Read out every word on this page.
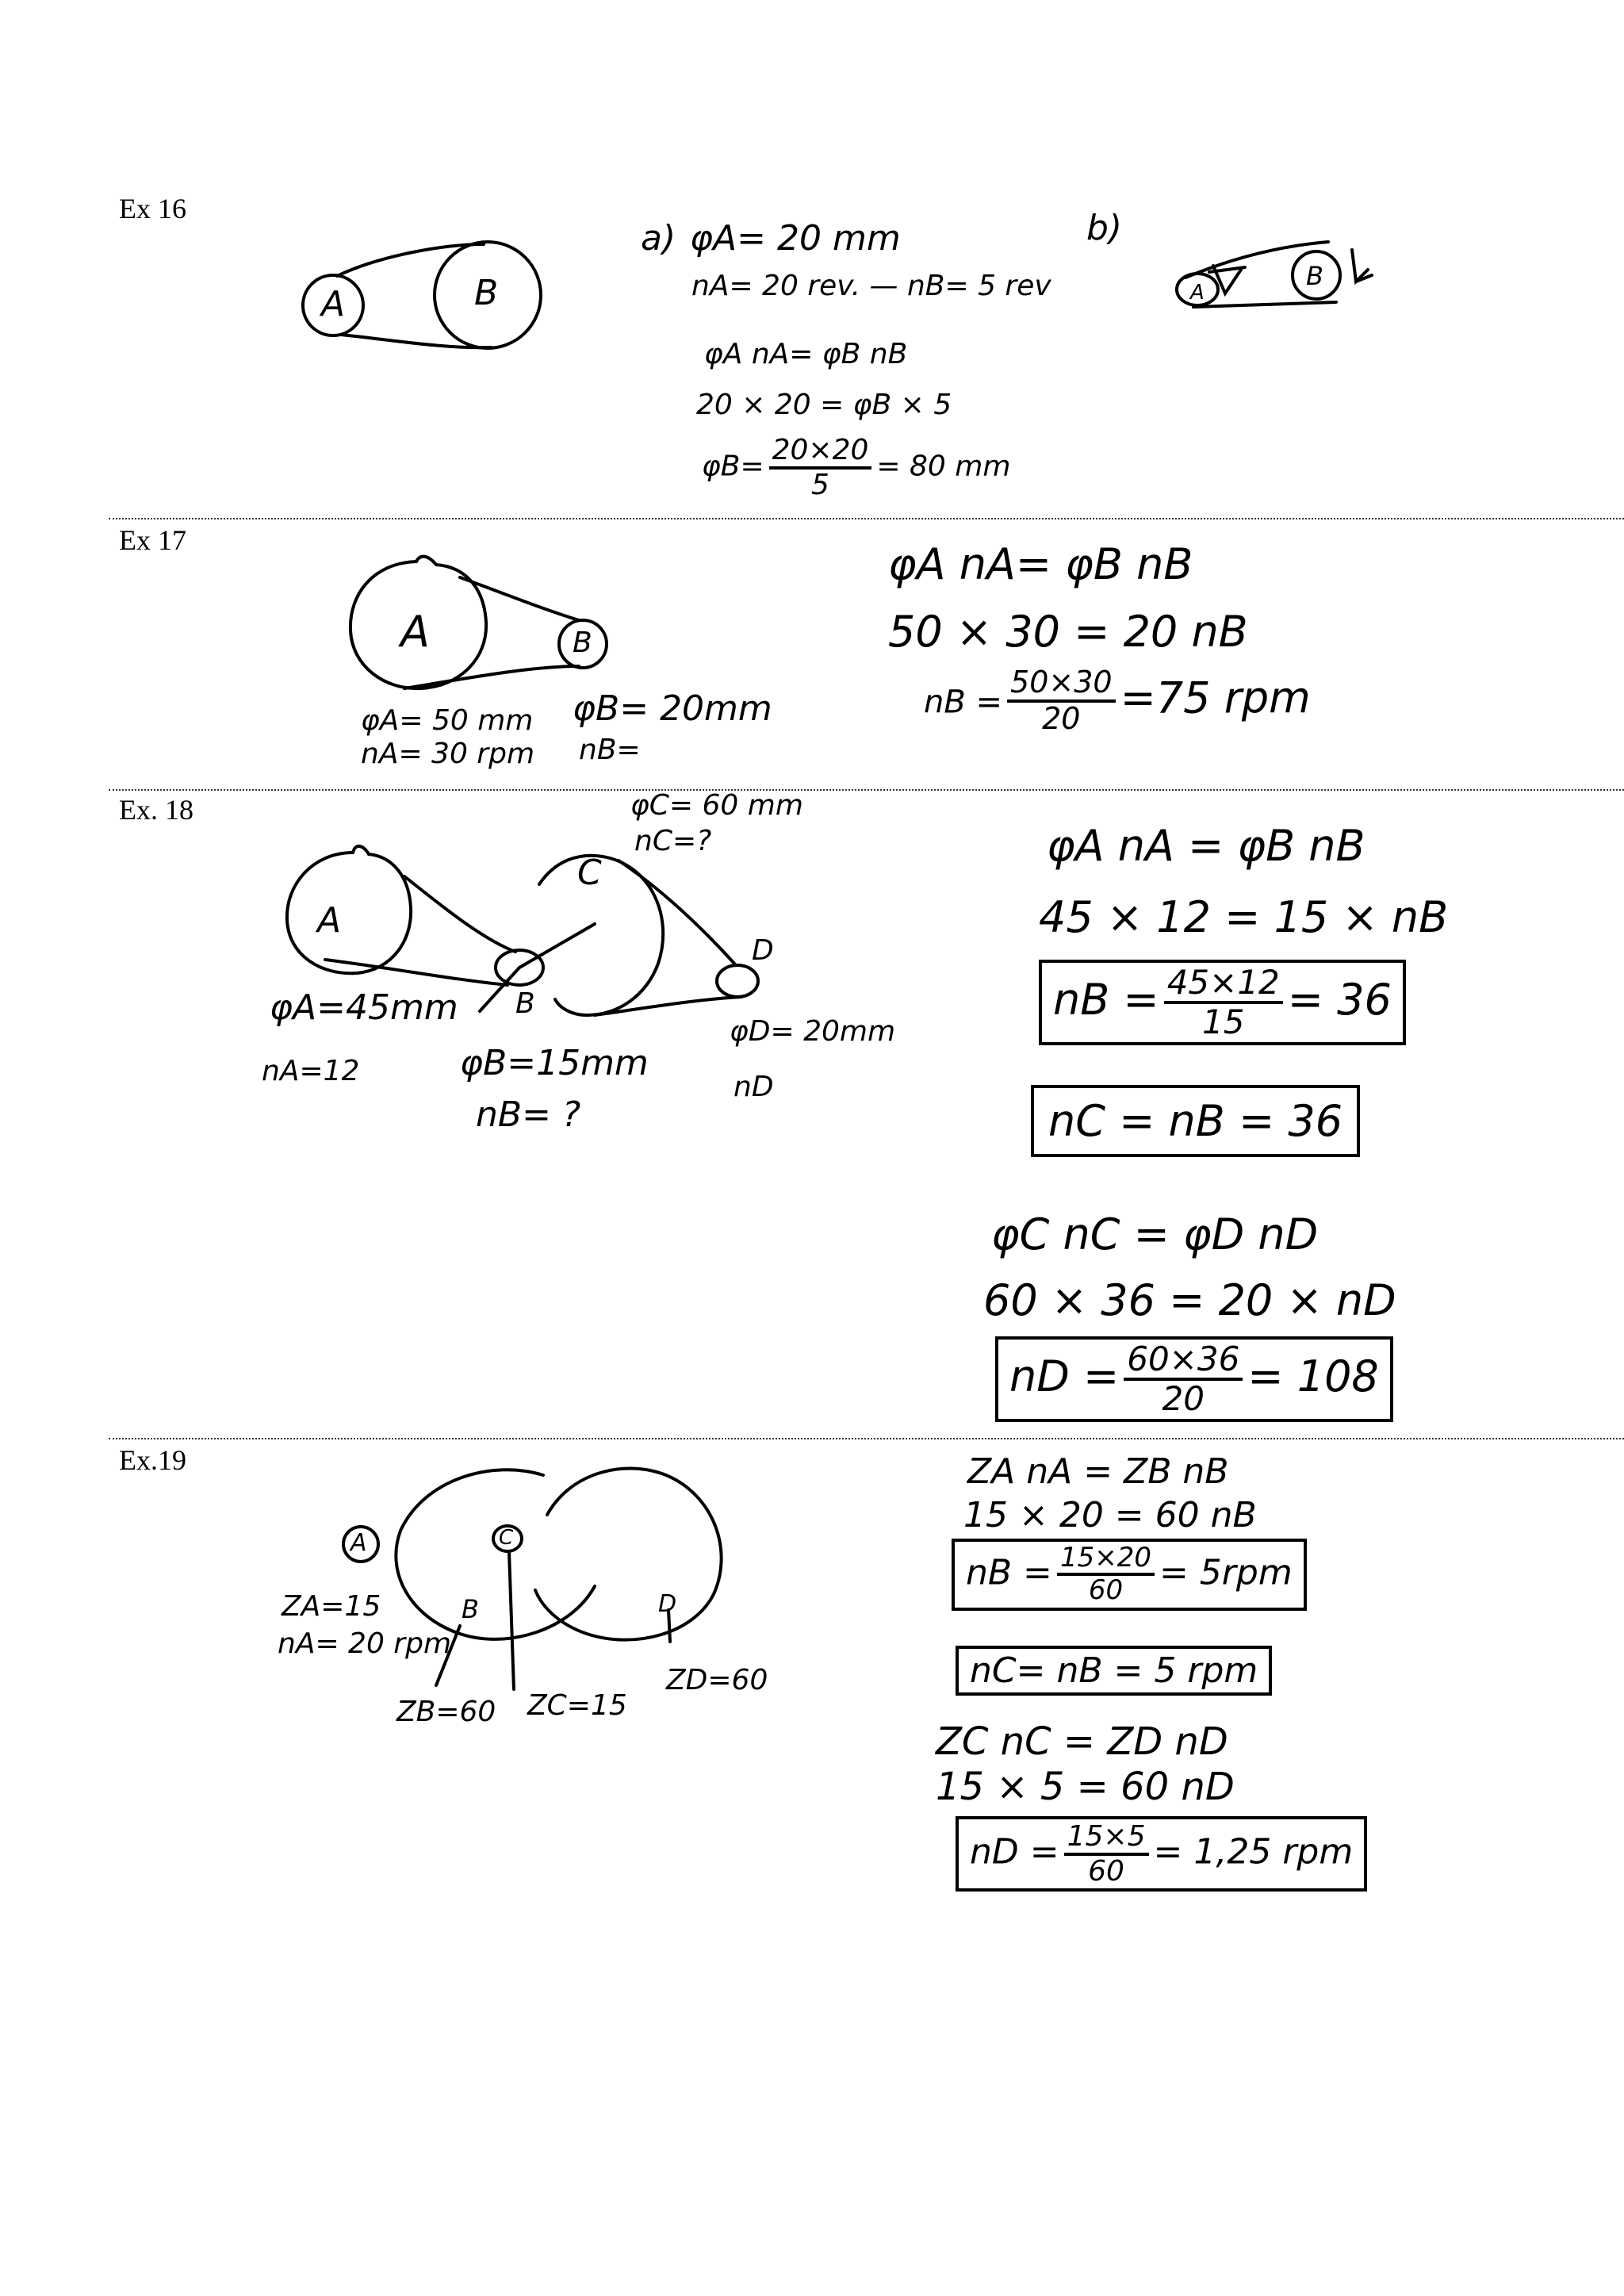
Ex 16
A	B
a) φA= 20 mm
nA= 20 rev. — nB= 5 rev
φA nA= φB nB
20 × 20 = φB × 5
$\varphi B= \frac{20\times 20}{5} = 80$ mm
b)
A
B
Ex 17
A	B
φA= 50 mm
nA= 30 rpm
φB= 20mm
nB=
φA nA= φB nB
50 × 30 = 20 nB
nB = $\frac{50\times 30}{20} =75$ rpm
Ex. 18
A
B
C
D
φC= 60 mm
nC=?
φA=45mm
nA=12	φB=15mm
nB= ?
φD= 20mm
nD
φA nA = φB nB
45 × 12 = 15 × nB
nB = $\frac{45\times 12}{15} = 36$
nC = nB = 36
φC nC = φD nD
60 × 36 = 20 × nD
nD = $\frac{60\times 36}{20} = 108$
Ex.19
A	C
B	D
ZA=15
nA= 20 rpm
ZB=60 ZC=15
ZD=60
ZA nA = ZB nB
15 × 20 = 60 nB
nB = $\frac{15\times 20}{60} = 5rpm$
nC= nB = 5 rpm
ZC nC = ZD nD
15 × 5 = 60 nD
nD = $\frac{15\times 5}{60} = 1,25$ rpm
